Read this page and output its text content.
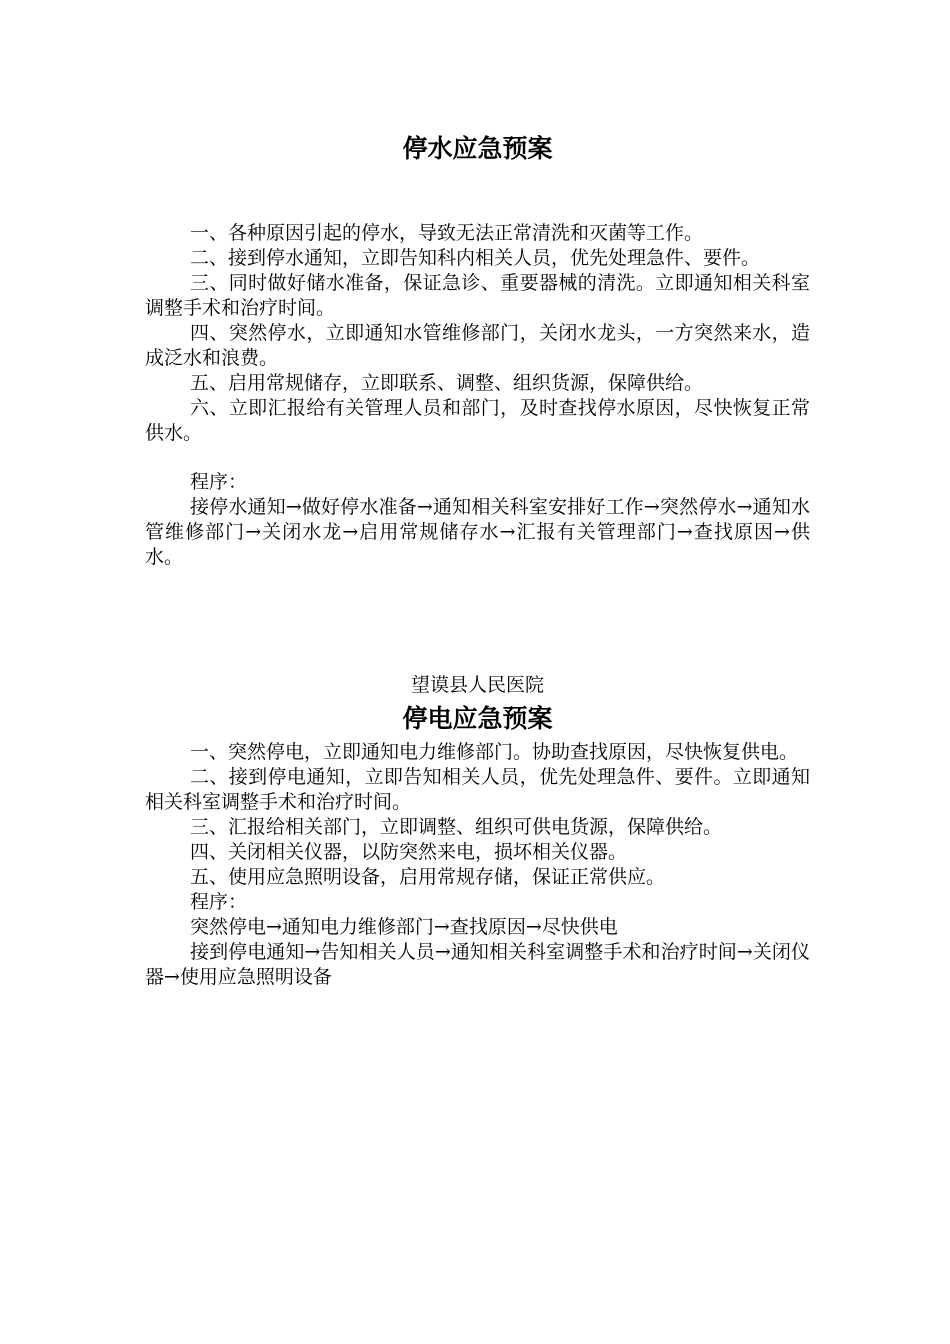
停水应急预案

一、各种原因引起的停水，导致无法正常清洗和灭菌等工作。

二、接到停水通知，立即告知科内相关人员，优先处理急件、要件。

三、同时做好储水准备，保证急诊、重要器械的清洗。立即通知相关科室调整手术和治疗时间。

四、突然停水，立即通知水管维修部门，关闭水龙头，一方突然来水，造成泛水和浪费。

五、启用常规储存，立即联系、调整、组织货源，保障供给。

六、立即汇报给有关管理人员和部门，及时查找停水原因，尽快恢复正常供水。

程序：

接停水通知→做好停水准备→通知相关科室安排好工作→突然停水→通知水管维修部门→关闭水龙→启用常规储存水→汇报有关管理部门→查找原因→供水。

望谟县人民医院
停电应急预案

一、突然停电，立即通知电力维修部门。协助查找原因，尽快恢复供电。

二、接到停电通知，立即告知相关人员，优先处理急件、要件。立即通知相关科室调整手术和治疗时间。

三、汇报给相关部门，立即调整、组织可供电货源，保障供给。

四、关闭相关仪器，以防突然来电，损坏相关仪器。

五、使用应急照明设备，启用常规存储，保证正常供应。

程序：

突然停电→通知电力维修部门→查找原因→尽快供电

接到停电通知→告知相关人员→通知相关科室调整手术和治疗时间→关闭仪器→使用应急照明设备
